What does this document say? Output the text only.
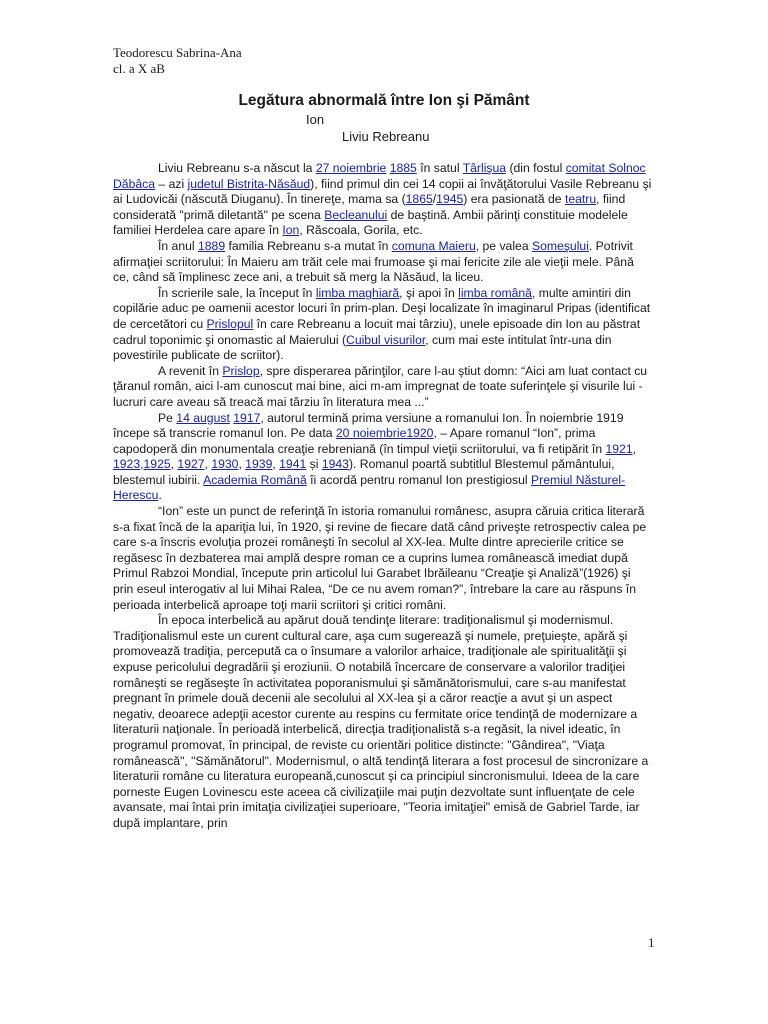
Teodorescu Sabrina-Ana
cl. a X aB
Legătura abnormală între Ion şi Pământ
Ion
Liviu Rebreanu

Liviu Rebreanu s-a născut la 27 noiembrie 1885 în satul Târlişua (din fostul comitat Solnoc Dăbâca – azi judetul Bistrita-Năsăud), fiind primul din cei 14 copii ai învăţătorului Vasile Rebreanu şi ai Ludovicăi (născută Diuganu). În tinereţe, mama sa (1865/1945) era pasionată de teatru, fiind considerată "primă diletantă" pe scena Becleanului de baştină. Ambii părinţi constituie modelele familiei Herdelea care apare în Ion, Răscoala, Gorila, etc.

În anul 1889 familia Rebreanu s-a mutat în comuna Maieru, pe valea Someşului. Potrivit afirmaţiei scriitorului: În Maieru am trăit cele mai frumoase şi mai fericite zile ale vieţii mele. Până ce, când să împlinesc zece ani, a trebuit să merg la Năsăud, la liceu.

În scrierile sale, la început în limba maghiară, şi apoi în limba română, multe amintiri din copilărie aduc pe oamenii acestor locuri în prim-plan. Deşi localizate în imaginarul Pripas (identificat de cercetători cu Prislopul în care Rebreanu a locuit mai târziu), unele episoade din Ion au păstrat cadrul toponimic şi onomastic al Maierului (Cuibul visurilor, cum mai este intitulat într-una din povestirile publicate de scriitor).

A revenit în Prislop, spre disperarea părinţilor, care l-au ştiut domn: “Aici am luat contact cu ţăranul român, aici l-am cunoscut mai bine, aici m-am impregnat de toate suferinţele şi visurile lui - lucruri care aveau să treacă mai târziu în literatura mea ...”

Pe 14 august 1917, autorul termină prima versiune a romanului Ion. În noiembrie 1919 începe să transcrie romanul Ion. Pe data 20 noiembrie1920, – Apare romanul “Ion”, prima capodoperă din monumentala creaţie rebreniană (în timpul vieţii scriitorului, va fi retipărit în 1921, 1923,1925, 1927, 1930, 1939, 1941 și 1943). Romanul poartă subtitlul Blestemul pământului, blestemul iubirii. Academia Română îi acordă pentru romanul Ion prestigiosul Premiul Năsturel-Herescu.

“Ion” este un punct de referinţă în istoria romanului românesc, asupra căruia critica literară s-a fixat încă de la apariţia lui, în 1920, şi revine de fiecare dată când priveşte retrospectiv calea pe care s-a înscris evoluţia prozei româneşti în secolul al XX-lea. Multe dintre aprecierile critice se regăsesc în dezbaterea mai amplă despre roman ce a cuprins lumea românească imediat după Primul Rabzoi Mondial, începute prin articolul lui Garabet Ibrăileanu “Creaţie şi Analiză”(1926) şi prin eseul interogativ al lui Mihai Ralea, “De ce nu avem roman?”, întrebare la care au răspuns în perioada interbelică aproape toţi marii scriitori şi critici români.

În epoca interbelică au apărut două tendinţe literare: tradiţionalismul şi modernismul. Tradiţionalismul este un curent cultural care, aşa cum sugerează şi numele, preţuieşte, apără şi promovează tradiţia, percepută ca o însumare a valorilor arhaice, tradiţionale ale spiritualităţii şi expuse pericolului degradării şi eroziunii. O notabilă încercare de conservare a valorilor tradiţiei româneşti se regăseşte în activitatea poporanismului şi sămănătorismului, care s-au manifestat pregnant în primele două decenii ale secolului al XX-lea şi a căror reacţie a avut şi un aspect negativ, deoarece adepţii acestor curente au respins cu fermitate orice tendinţă de modernizare a literaturii naţionale. În perioadă interbelică, direcţia tradiţionalistă s-a regăsit, la nivel ideatic, în programul promovat, în principal, de reviste cu orientări politice distincte: "Gândirea", "Viaţa românească", "Sămănătorul". Modernismul, o altă tendinţă literara a fost procesul de sincronizare a literaturii române cu literatura europeană,cunoscut şi ca principiul sincronismului. Ideea de la care porneste Eugen Lovinescu este aceea că civilizaţiile mai puţin dezvoltate sunt influenţate de cele avansate, mai întai prin imitaţia civilizaţiei superioare, "Teoria imitaţiei" emisă de Gabriel Tarde, iar după implantare, prin

1
